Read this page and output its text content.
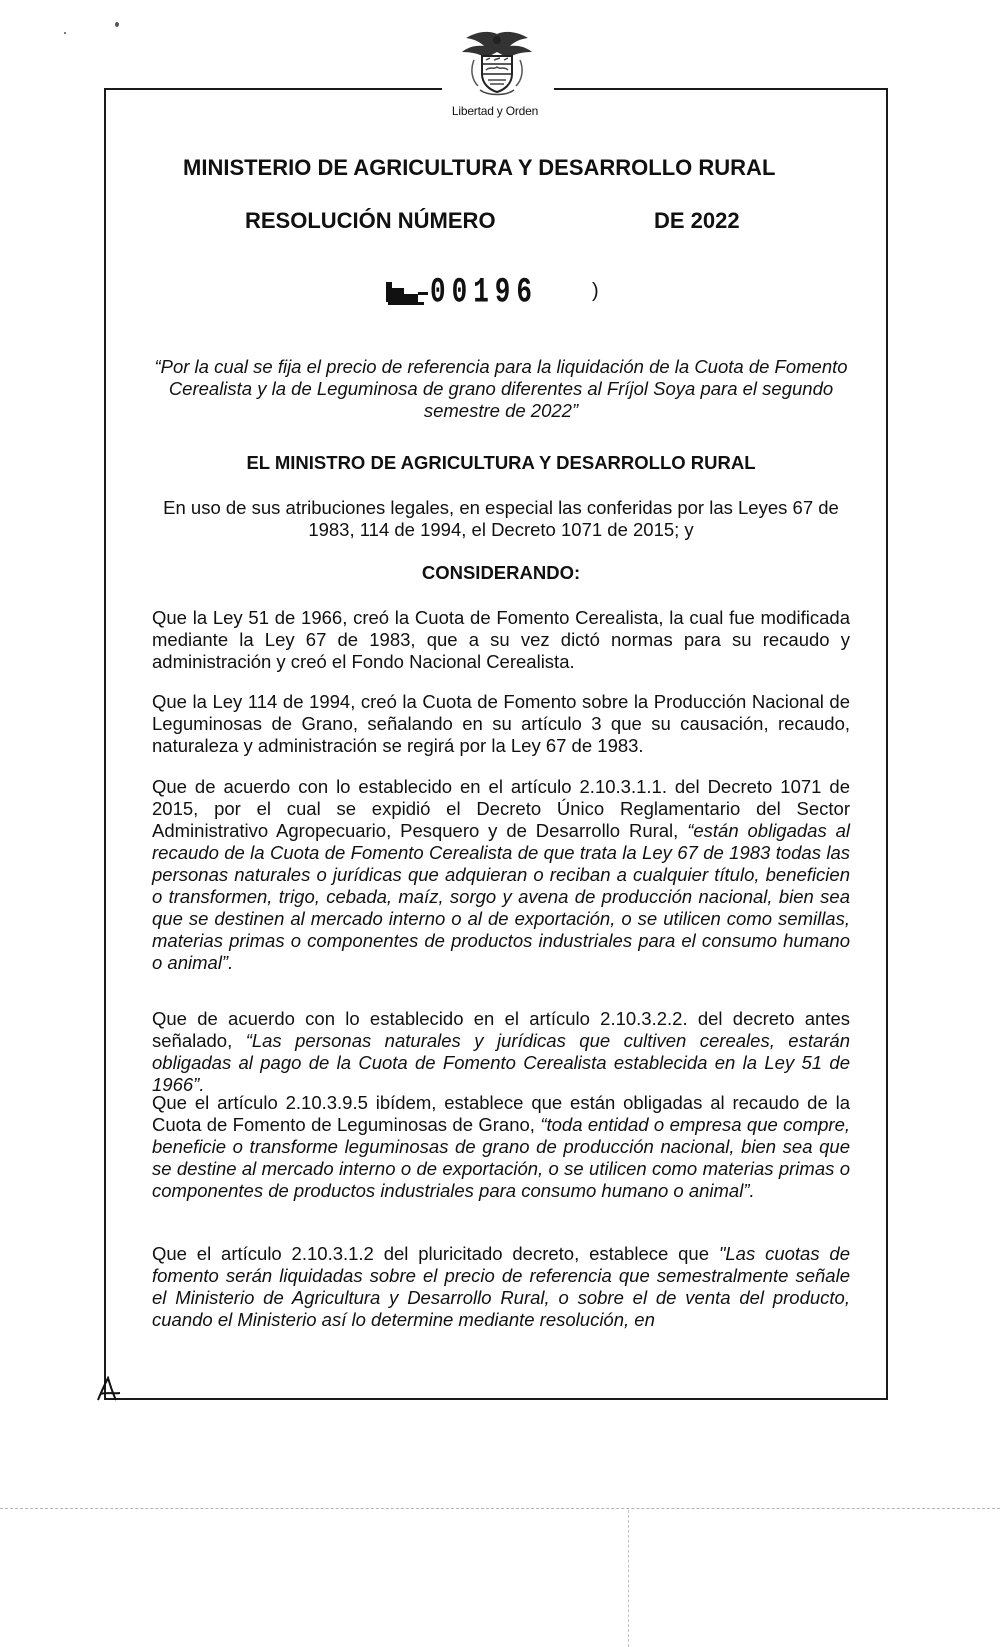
Libertad y Orden
MINISTERIO DE AGRICULTURA Y DESARROLLO RURAL
RESOLUCIÓN NÚMERO	DE 2022
00196	)
“Por la cual se fija el precio de referencia para la liquidación de la Cuota de Fomento Cerealista y la de Leguminosa de grano diferentes al Fríjol Soya para el segundo semestre de 2022”
EL MINISTRO DE AGRICULTURA Y DESARROLLO RURAL
En uso de sus atribuciones legales, en especial las conferidas por las Leyes 67 de 1983, 114 de 1994, el Decreto 1071 de 2015; y
CONSIDERANDO:

Que la Ley 51 de 1966, creó la Cuota de Fomento Cerealista, la cual fue modificada mediante la Ley 67 de 1983, que a su vez dictó normas para su recaudo y administración y creó el Fondo Nacional Cerealista.

Que la Ley 114 de 1994, creó la Cuota de Fomento sobre la Producción Nacional de Leguminosas de Grano, señalando en su artículo 3 que su causación, recaudo, naturaleza y administración se regirá por la Ley 67 de 1983.

Que de acuerdo con lo establecido en el artículo 2.10.3.1.1. del Decreto 1071 de 2015, por el cual se expidió el Decreto Único Reglamentario del Sector Administrativo Agropecuario, Pesquero y de Desarrollo Rural, “están obligadas al recaudo de la Cuota de Fomento Cerealista de que trata la Ley 67 de 1983 todas las personas naturales o jurídicas que adquieran o reciban a cualquier título, beneficien o transformen, trigo, cebada, maíz, sorgo y avena de producción nacional, bien sea que se destinen al mercado interno o al de exportación, o se utilicen como semillas, materias primas o componentes de productos industriales para el consumo humano o animal”.

Que de acuerdo con lo establecido en el artículo 2.10.3.2.2. del decreto antes señalado, “Las personas naturales y jurídicas que cultiven cereales, estarán obligadas al pago de la Cuota de Fomento Cerealista establecida en la Ley 51 de 1966”.

Que el artículo 2.10.3.9.5 ibídem, establece que están obligadas al recaudo de la Cuota de Fomento de Leguminosas de Grano, “toda entidad o empresa que compre, beneficie o transforme leguminosas de grano de producción nacional, bien sea que se destine al mercado interno o de exportación, o se utilicen como materias primas o componentes de productos industriales para consumo humano o animal”.

Que el artículo 2.10.3.1.2 del pluricitado decreto, establece que "Las cuotas de fomento serán liquidadas sobre el precio de referencia que semestralmente señale el Ministerio de Agricultura y Desarrollo Rural, o sobre el de venta del producto, cuando el Ministerio así lo determine mediante resolución, en
